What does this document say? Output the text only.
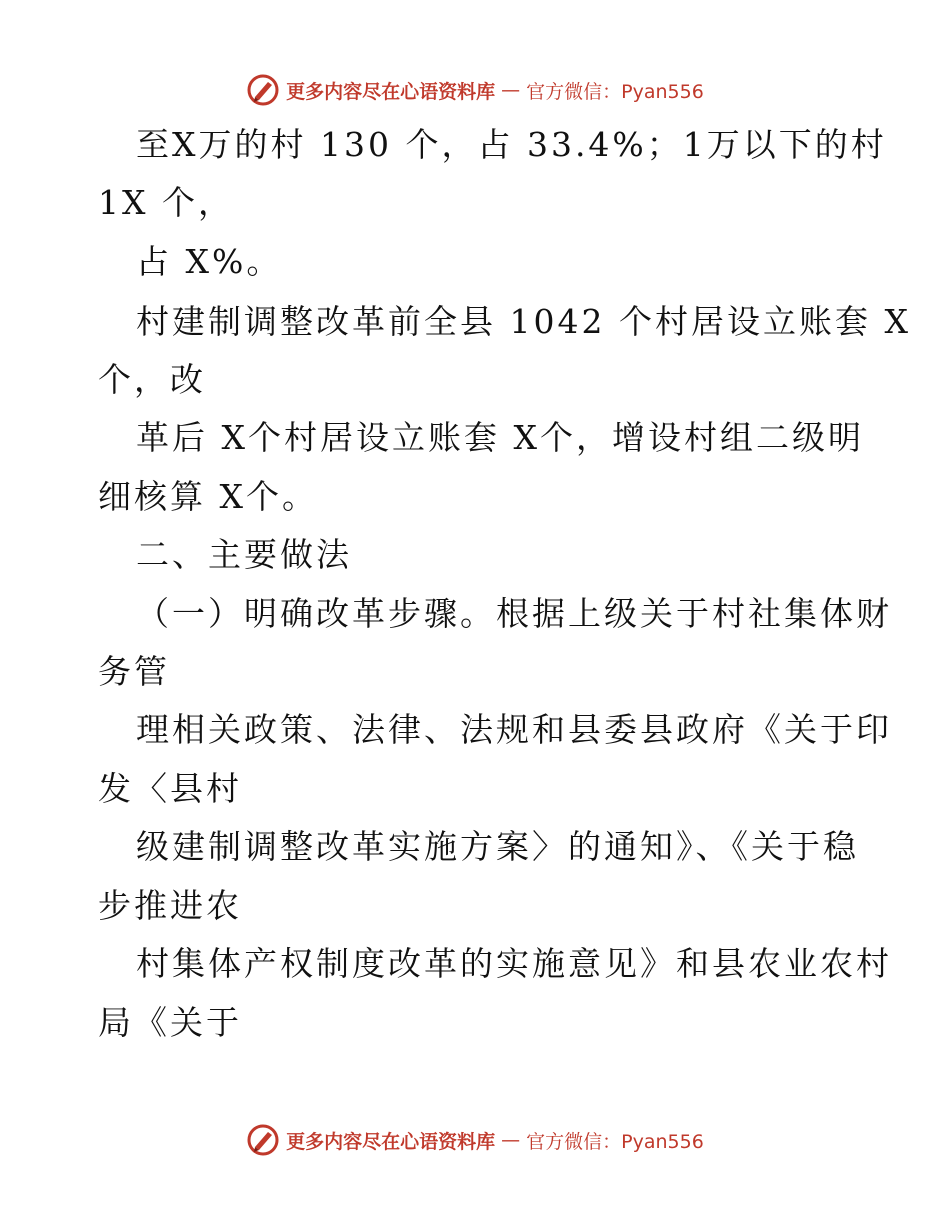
更多内容尽在心语资料库 — 官方微信：Pyan556
至X万的村 130 个，占 33.4%；1万以下的村
1X 个，
占 X%。
村建制调整改革前全县 1042 个村居设立账套 X
个，改
革后 X个村居设立账套 X个，增设村组二级明
细核算 X个。
二、主要做法
（一）明确改革步骤。根据上级关于村社集体财
务管
理相关政策、法律、法规和县委县政府《关于印
发〈县村
级建制调整改革实施方案〉的通知》、《关于稳
步推进农
村集体产权制度改革的实施意见》和县农业农村
局《关于
更多内容尽在心语资料库 — 官方微信：Pyan556
